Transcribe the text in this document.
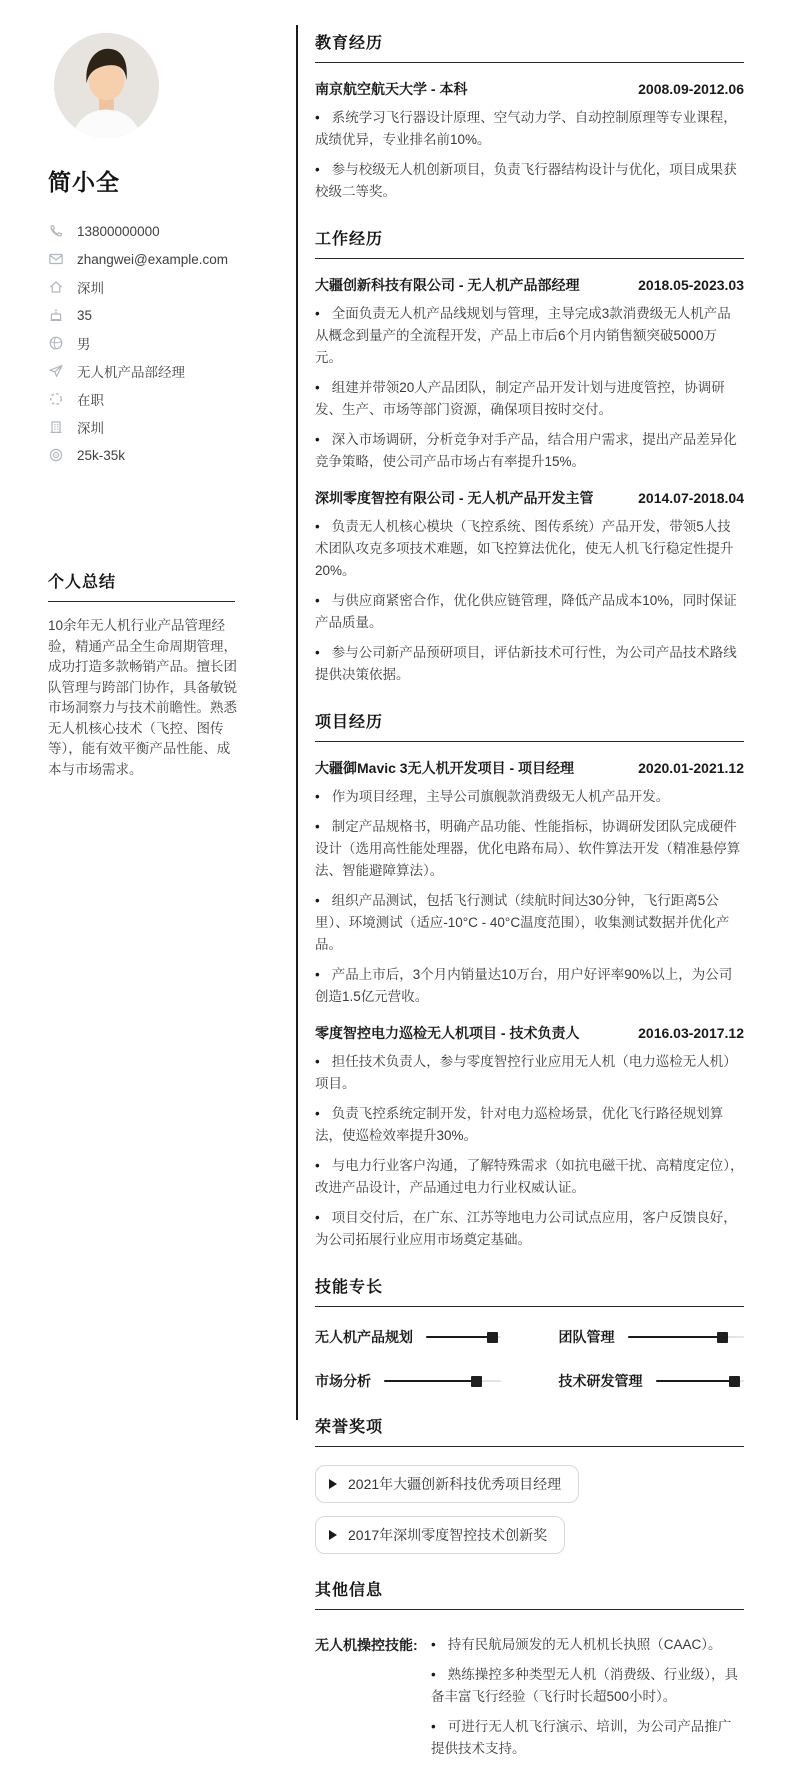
简小全
13800000000
zhangwei@example.com
深圳
35
男
无人机产品部经理
在职
深圳
25k-35k
个人总结

10余年无人机行业产品管理经验，精通产品全生命周期管理，成功打造多款畅销产品。擅长团队管理与跨部门协作，具备敏锐市场洞察力与技术前瞻性。熟悉无人机核心技术（飞控、图传等），能有效平衡产品性能、成本与市场需求。

教育经历
南京航空航天大学 - 本科	2008.09-2012.06
• 系统学习飞行器设计原理、空气动力学、自动控制原理等专业课程，成绩优异，专业排名前10%。
• 参与校级无人机创新项目，负责飞行器结构设计与优化，项目成果获校级二等奖。
工作经历
大疆创新科技有限公司 - 无人机产品部经理	2018.05-2023.03
• 全面负责无人机产品线规划与管理，主导完成3款消费级无人机产品从概念到量产的全流程开发，产品上市后6个月内销售额突破5000万元。
• 组建并带领20人产品团队，制定产品开发计划与进度管控，协调研发、生产、市场等部门资源，确保项目按时交付。
• 深入市场调研，分析竞争对手产品，结合用户需求，提出产品差异化竞争策略，使公司产品市场占有率提升15%。
深圳零度智控有限公司 - 无人机产品开发主管	2014.07-2018.04
• 负责无人机核心模块（飞控系统、图传系统）产品开发，带领5人技术团队攻克多项技术难题，如飞控算法优化，使无人机飞行稳定性提升20%。
• 与供应商紧密合作，优化供应链管理，降低产品成本10%，同时保证产品质量。
• 参与公司新产品预研项目，评估新技术可行性，为公司产品技术路线提供决策依据。
项目经历
大疆御Mavic 3无人机开发项目 - 项目经理	2020.01-2021.12
• 作为项目经理，主导公司旗舰款消费级无人机产品开发。
• 制定产品规格书，明确产品功能、性能指标，协调研发团队完成硬件设计（选用高性能处理器，优化电路布局）、软件算法开发（精准悬停算法、智能避障算法）。
• 组织产品测试，包括飞行测试（续航时间达30分钟，飞行距离5公里）、环境测试（适应-10°C - 40°C温度范围），收集测试数据并优化产品。
• 产品上市后，3个月内销量达10万台，用户好评率90%以上，为公司创造1.5亿元营收。
零度智控电力巡检无人机项目 - 技术负责人	2016.03-2017.12
• 担任技术负责人，参与零度智控行业应用无人机（电力巡检无人机）项目。
• 负责飞控系统定制开发，针对电力巡检场景，优化飞行路径规划算法，使巡检效率提升30%。
• 与电力行业客户沟通，了解特殊需求（如抗电磁干扰、高精度定位），改进产品设计，产品通过电力行业权威认证。
• 项目交付后，在广东、江苏等地电力公司试点应用，客户反馈良好，为公司拓展行业应用市场奠定基础。
技能专长
无人机产品规划	团队管理
市场分析	技术研发管理
荣誉奖项
2021年大疆创新科技优秀项目经理
2017年深圳零度智控技术创新奖
其他信息
无人机操控技能:	• 持有民航局颁发的无人机机长执照（CAAC）。
• 熟练操控多种类型无人机（消费级、行业级），具备丰富飞行经验（飞行时长超500小时）。
• 可进行无人机飞行演示、培训，为公司产品推广提供技术支持。
